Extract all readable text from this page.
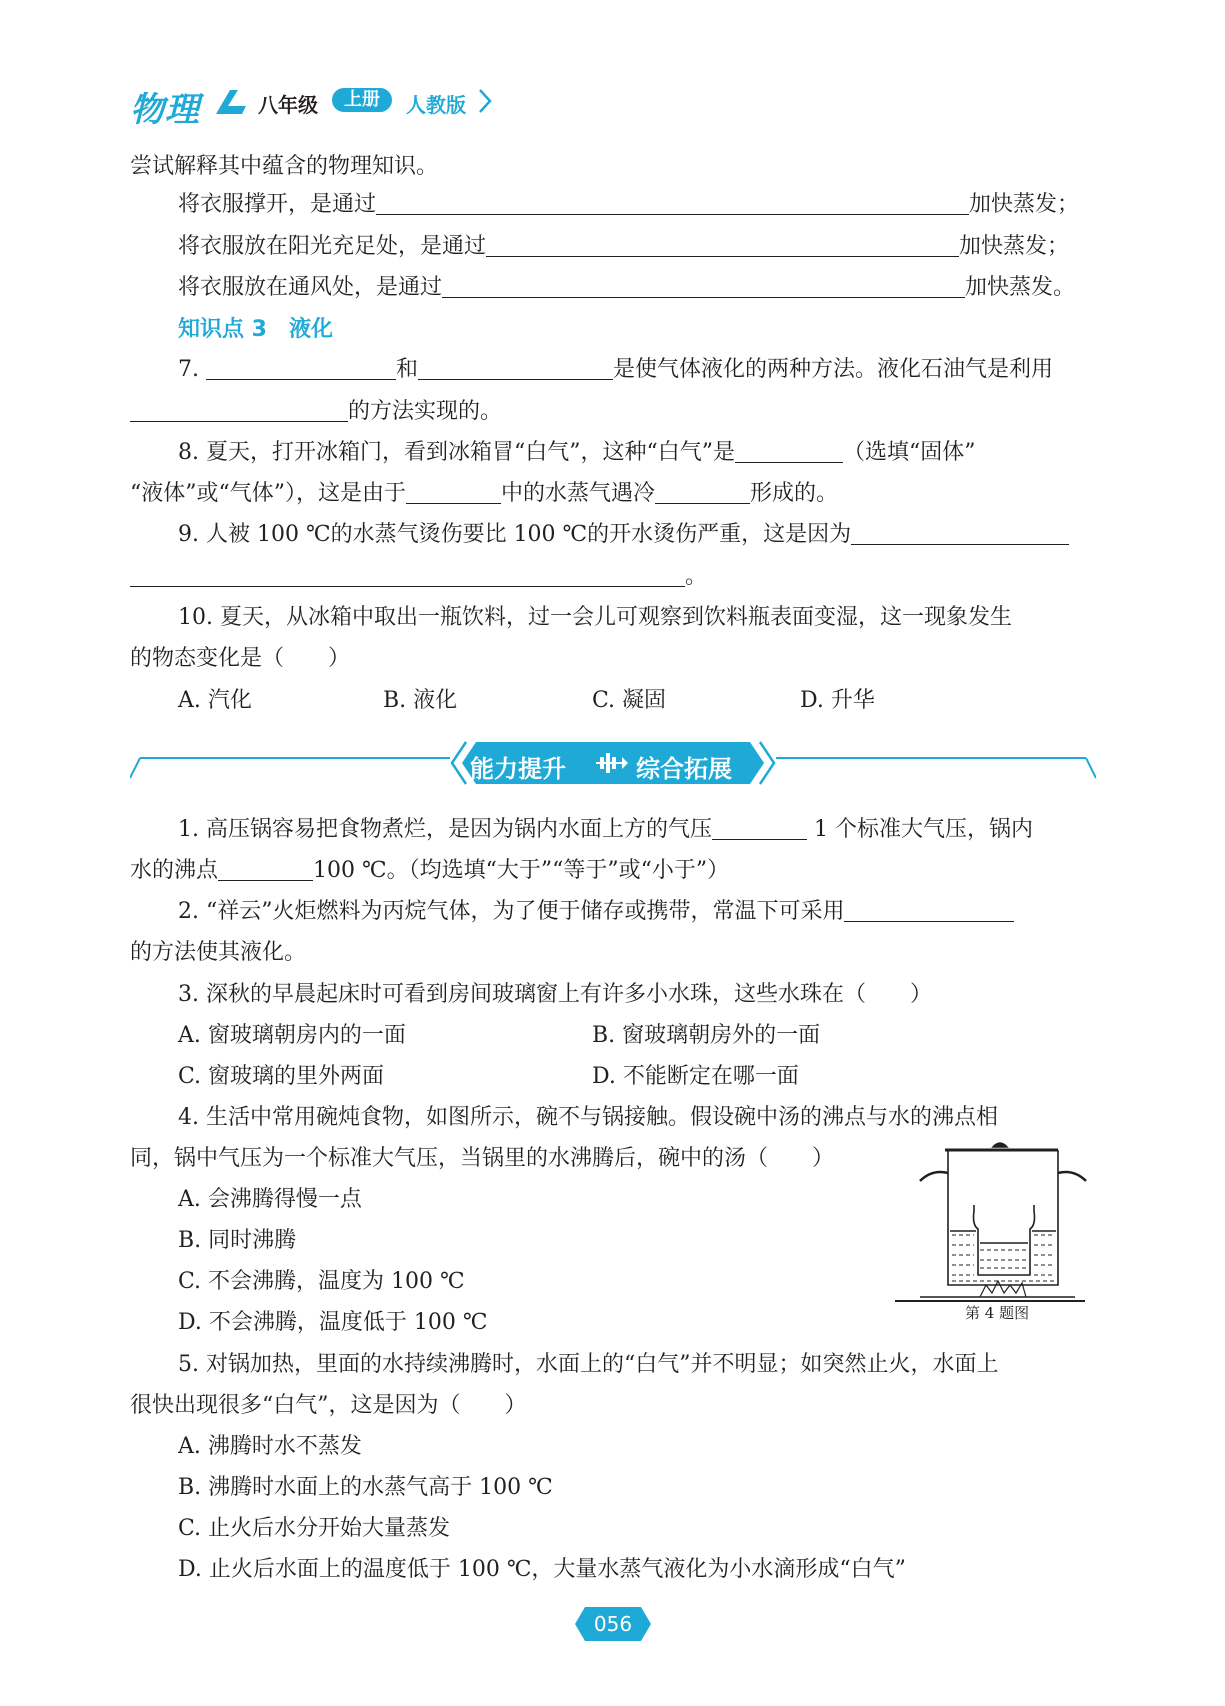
物理	八年级	上册	人教版
尝试解释其中蕴含的物理知识。
将衣服撑开，是通过	加快蒸发；
将衣服放在阳光充足处，是通过	加快蒸发；
将衣服放在通风处，是通过	加快蒸发。
知识点 3　液化
7.	和	是使气体液化的两种方法。液化石油气是利用
的方法实现的。
8. 夏天，打开冰箱门，看到冰箱冒“白气”，这种“白气”是	（选填“固体”
“液体”或“气体”），这是由于	中的水蒸气遇冷	形成的。
9. 人被 100 ℃的水蒸气烫伤要比 100 ℃的开水烫伤严重，这是因为
。
10. 夏天，从冰箱中取出一瓶饮料，过一会儿可观察到饮料瓶表面变湿，这一现象发生
的物态变化是（　　）
A. 汽化	B. 液化	C. 凝固	D. 升华
能力提升	综合拓展
1. 高压锅容易把食物煮烂，是因为锅内水面上方的气压	1 个标准大气压，锅内
水的沸点	100 ℃。（均选填“大于”“等于”或“小于”）
2. “祥云”火炬燃料为丙烷气体，为了便于储存或携带，常温下可采用
的方法使其液化。
3. 深秋的早晨起床时可看到房间玻璃窗上有许多小水珠，这些水珠在（　　）
A. 窗玻璃朝房内的一面	B. 窗玻璃朝房外的一面
C. 窗玻璃的里外两面	D. 不能断定在哪一面
4. 生活中常用碗炖食物，如图所示，碗不与锅接触。假设碗中汤的沸点与水的沸点相
同，锅中气压为一个标准大气压，当锅里的水沸腾后，碗中的汤（　　）
A. 会沸腾得慢一点
B. 同时沸腾
C. 不会沸腾，温度为 100 ℃
D. 不会沸腾，温度低于 100 ℃	第 4 题图
5. 对锅加热，里面的水持续沸腾时，水面上的“白气”并不明显；如突然止火，水面上
很快出现很多“白气”，这是因为（　　）
A. 沸腾时水不蒸发
B. 沸腾时水面上的水蒸气高于 100 ℃
C. 止火后水分开始大量蒸发
D. 止火后水面上的温度低于 100 ℃，大量水蒸气液化为小水滴形成“白气”
056
